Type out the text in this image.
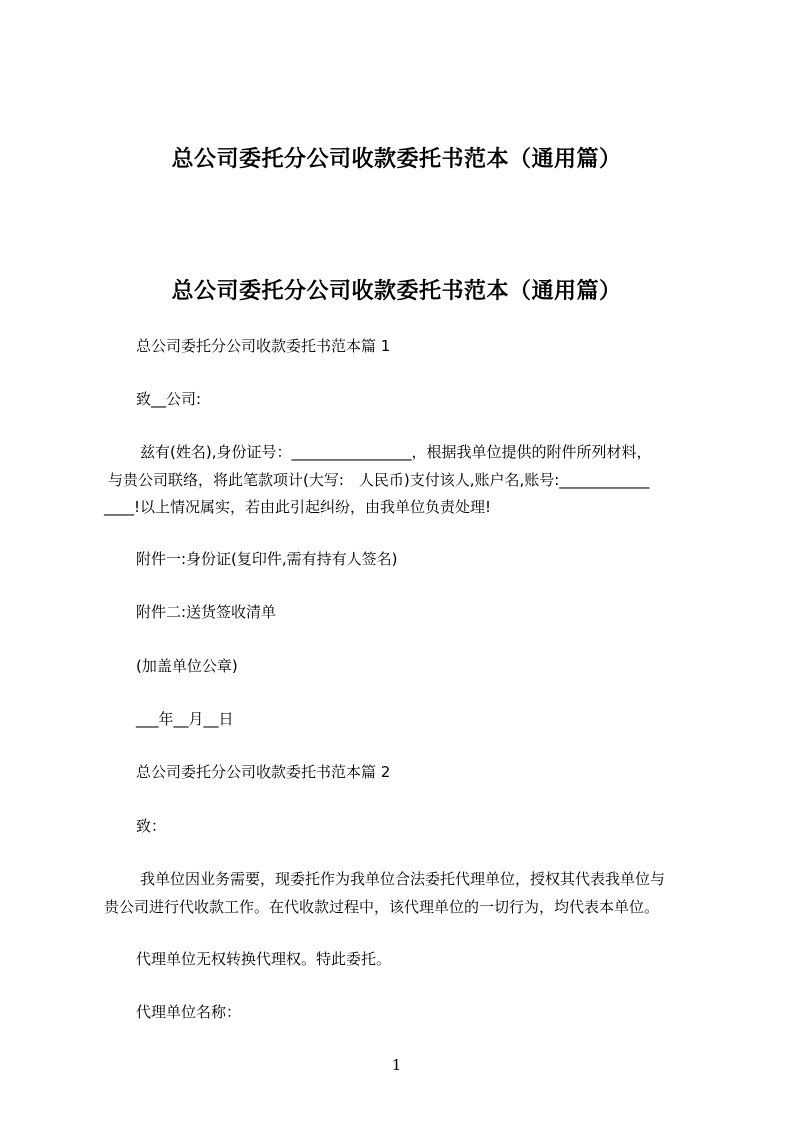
总公司委托分公司收款委托书范本（通用篇）
总公司委托分公司收款委托书范本（通用篇）
总公司委托分公司收款委托书范本篇 1
致__公司:
兹有(姓名),身份证号：________________，根据我单位提供的附件所列材料，
与贵公司联络，将此笔款项计(大写:　人民币)支付该人,账户名,账号:____________
____!以上情况属实，若由此引起纠纷，由我单位负责处理!
附件一:身份证(复印件,需有持有人签名)
附件二:送货签收清单
(加盖单位公章)
___年__月__日
总公司委托分公司收款委托书范本篇 2
致：
我单位因业务需要，现委托作为我单位合法委托代理单位，授权其代表我单位与
贵公司进行代收款工作。在代收款过程中，该代理单位的一切行为，均代表本单位。
代理单位无权转换代理权。特此委托。
代理单位名称：
1
